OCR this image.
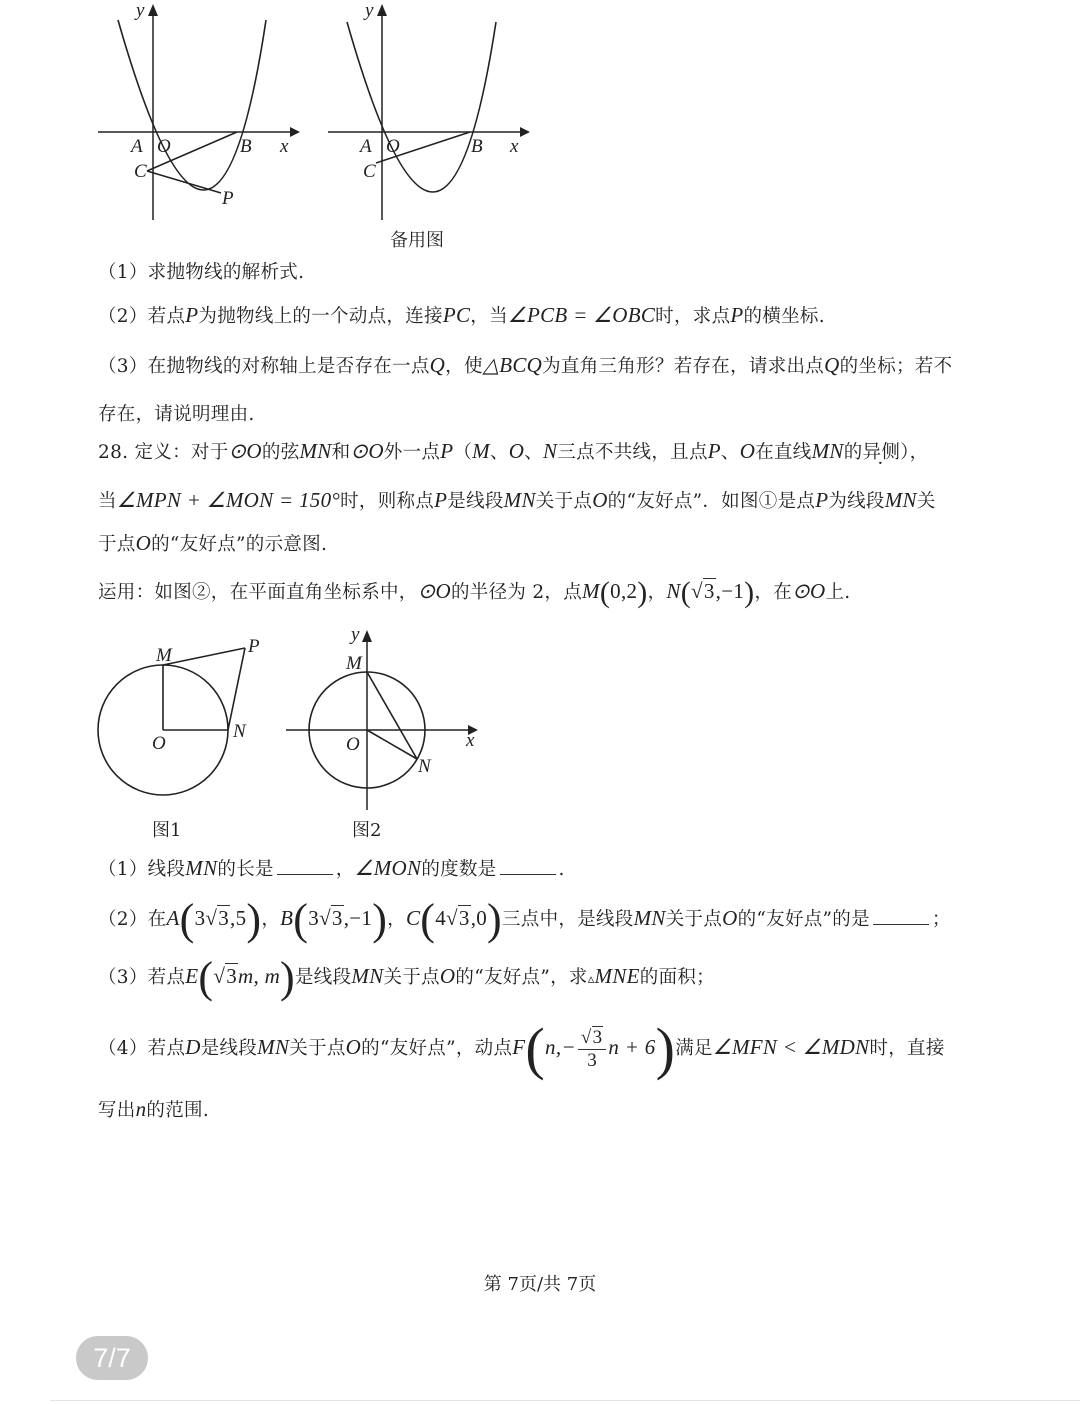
y
x
A O	B
C
P
y
x
A O	B
C
备用图
（1）求抛物线的解析式.
（2）若点P为抛物线上的一个动点，连接PC，当∠PCB = ∠OBC时，求点P的横坐标.
（3）在抛物线的对称轴上是否存在一点Q，使△BCQ为直角三角形？若存在，请求出点Q的坐标；若不
存在，请说明理由.
28. 定义：对于⊙O的弦MN和⊙O外一点P（M、O、N三点不共线，且点P、O在直线MN的异侧），
当∠MPN + ∠MON = 150°时，则称点P是线段MN关于点O的“友好点”．如图①是点P为线段MN关
于点O的“友好点”的示意图.
运用：如图②，在平面直角坐标系中，⊙O的半径为 2，点M(0,2)，N(√3,−1)，在⊙O上.
M	P
O
N
图1
y
M
O	x
N
图2
（1）线段MN的长是	，∠MON的度数是	.
（2）在A(3√3,5)，B(3√3,−1)，C(4√3,0)三点中，是线段MN关于点O的“友好点”的是	；
（3）若点E(√3m, m)是线段MN关于点O的“友好点”，求▵MNE的面积；
（4）若点D是线段MN关于点O的“友好点”，动点$F(n,- \frac{√3}{3}$ n + 6)满足∠MFN < ∠MDN时，直接
写出n的范围.
第 7页/共 7页
7/7
